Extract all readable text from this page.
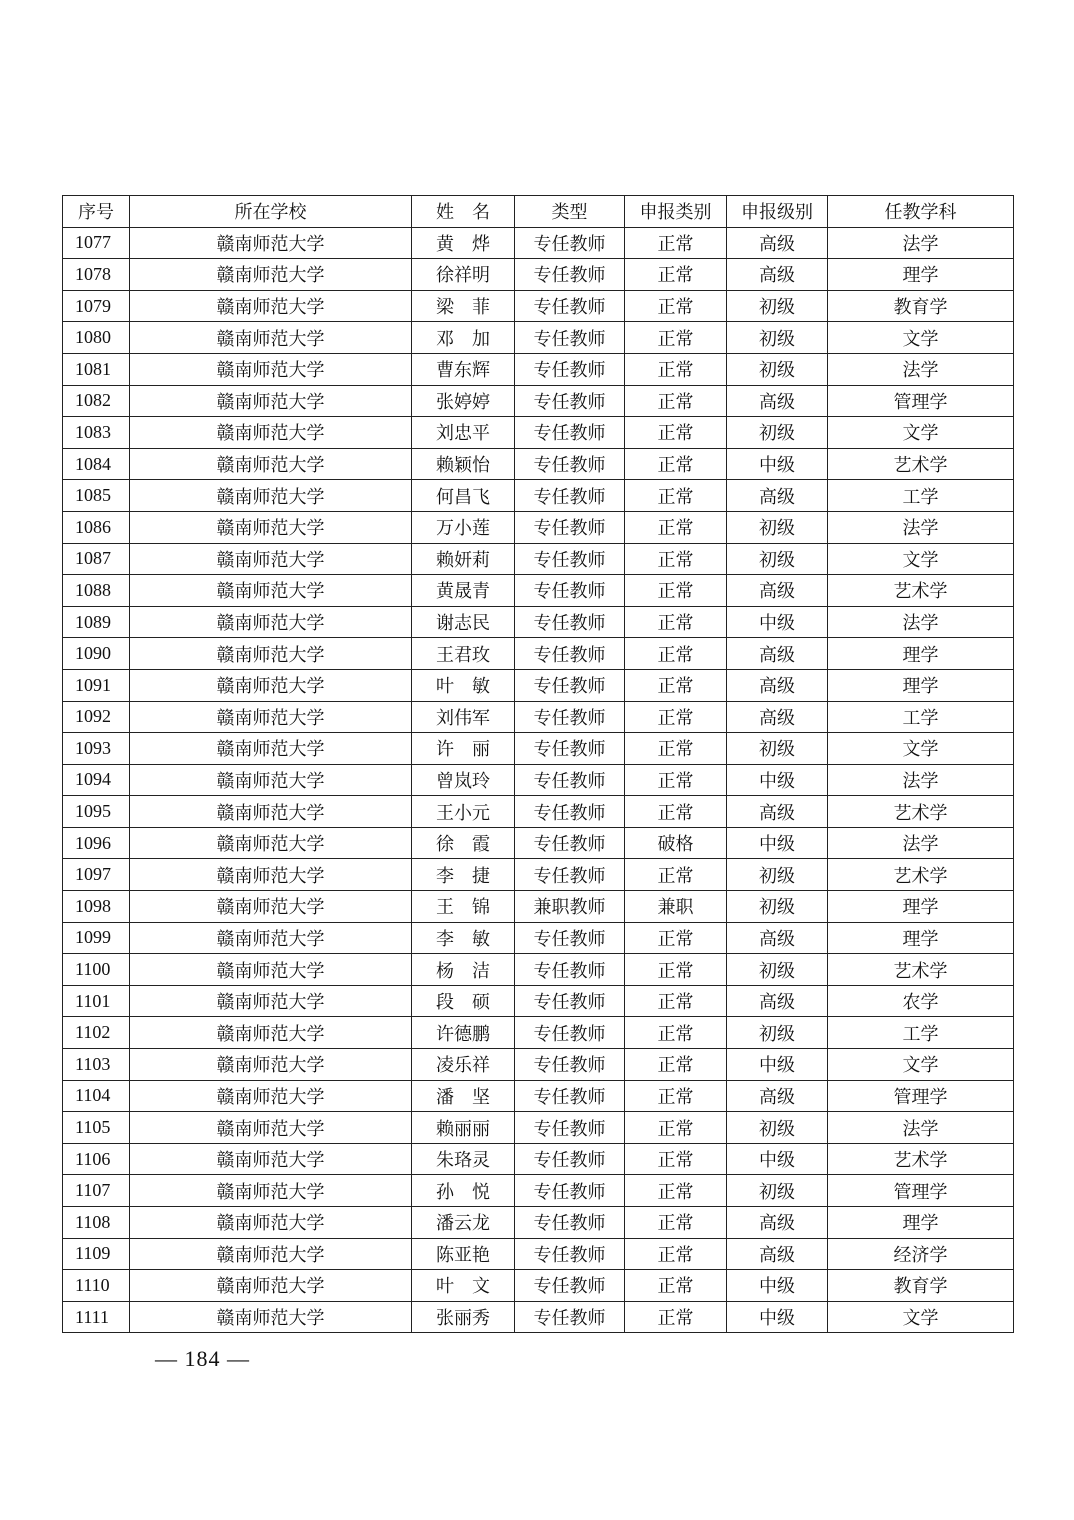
序号	所在学校	姓　名	类型	申报类别	申报级别	任教学科
1077	赣南师范大学	黄　烨	专任教师	正常	高级	法学
1078	赣南师范大学	徐祥明	专任教师	正常	高级	理学
1079	赣南师范大学	梁　菲	专任教师	正常	初级	教育学
1080	赣南师范大学	邓　加	专任教师	正常	初级	文学
1081	赣南师范大学	曹东辉	专任教师	正常	初级	法学
1082	赣南师范大学	张婷婷	专任教师	正常	高级	管理学
1083	赣南师范大学	刘忠平	专任教师	正常	初级	文学
1084	赣南师范大学	赖颖怡	专任教师	正常	中级	艺术学
1085	赣南师范大学	何昌飞	专任教师	正常	高级	工学
1086	赣南师范大学	万小莲	专任教师	正常	初级	法学
1087	赣南师范大学	赖妍莉	专任教师	正常	初级	文学
1088	赣南师范大学	黄晟青	专任教师	正常	高级	艺术学
1089	赣南师范大学	谢志民	专任教师	正常	中级	法学
1090	赣南师范大学	王君玫	专任教师	正常	高级	理学
1091	赣南师范大学	叶　敏	专任教师	正常	高级	理学
1092	赣南师范大学	刘伟军	专任教师	正常	高级	工学
1093	赣南师范大学	许　丽	专任教师	正常	初级	文学
1094	赣南师范大学	曾岚玲	专任教师	正常	中级	法学
1095	赣南师范大学	王小元	专任教师	正常	高级	艺术学
1096	赣南师范大学	徐　霞	专任教师	破格	中级	法学
1097	赣南师范大学	李　捷	专任教师	正常	初级	艺术学
1098	赣南师范大学	王　锦	兼职教师	兼职	初级	理学
1099	赣南师范大学	李　敏	专任教师	正常	高级	理学
1100	赣南师范大学	杨　洁	专任教师	正常	初级	艺术学
1101	赣南师范大学	段　硕	专任教师	正常	高级	农学
1102	赣南师范大学	许德鹏	专任教师	正常	初级	工学
1103	赣南师范大学	凌乐祥	专任教师	正常	中级	文学
1104	赣南师范大学	潘　坚	专任教师	正常	高级	管理学
1105	赣南师范大学	赖丽丽	专任教师	正常	初级	法学
1106	赣南师范大学	朱珞灵	专任教师	正常	中级	艺术学
1107	赣南师范大学	孙　悦	专任教师	正常	初级	管理学
1108	赣南师范大学	潘云龙	专任教师	正常	高级	理学
1109	赣南师范大学	陈亚艳	专任教师	正常	高级	经济学
1110	赣南师范大学	叶　文	专任教师	正常	中级	教育学
1111	赣南师范大学	张丽秀	专任教师	正常	中级	文学
— 184 —
